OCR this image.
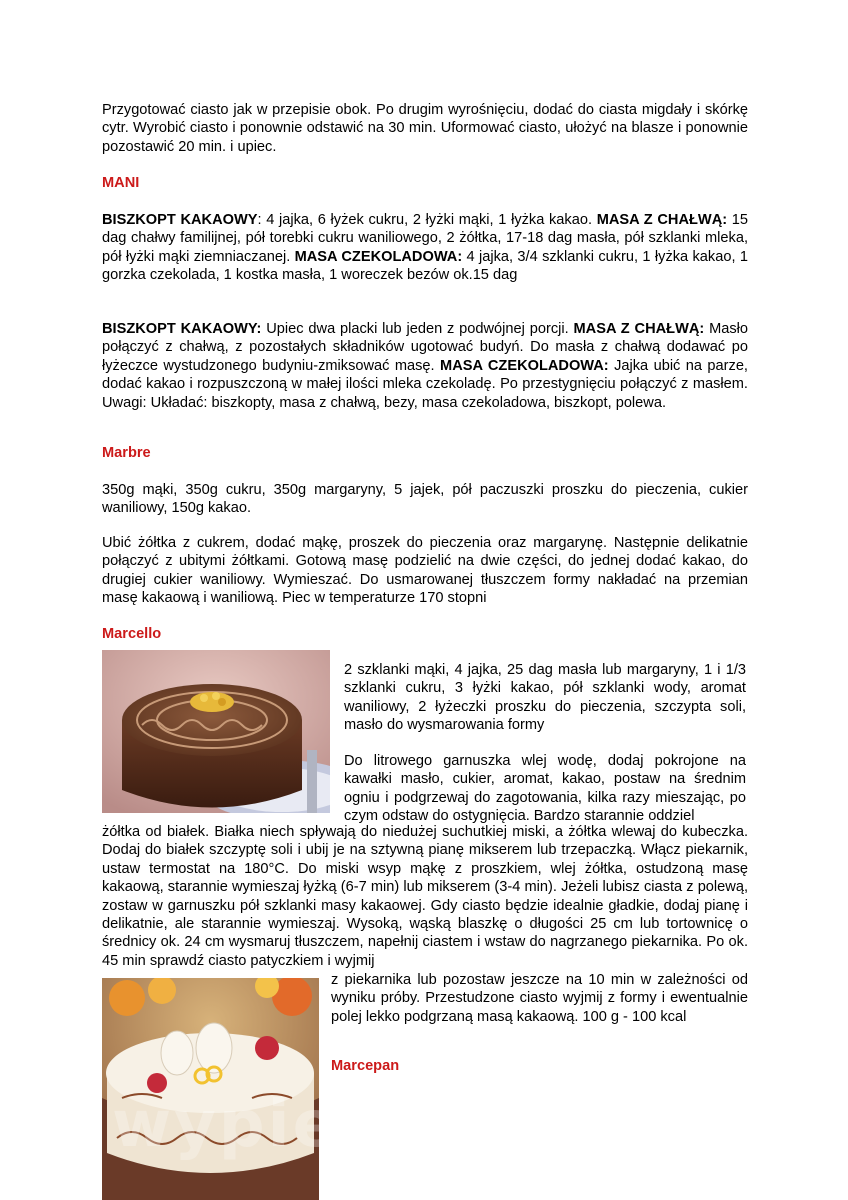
Przygotować ciasto jak w przepisie obok. Po drugim wyrośnięciu, dodać do ciasta migdały i skórkę cytr. Wyrobić ciasto i ponownie odstawić na 30 min. Uformować ciasto, ułożyć na blasze i ponownie pozostawić 20 min. i upiec.

MANI

BISZKOPT KAKAOWY: 4 jajka, 6 łyżek cukru, 2 łyżki mąki, 1 łyżka kakao. MASA Z CHAŁWĄ: 15 dag chałwy familijnej, pół torebki cukru waniliowego, 2 żółtka, 17-18 dag masła, pół szklanki mleka, pół łyżki mąki ziemniaczanej. MASA CZEKOLADOWA: 4 jajka, 3/4 szklanki cukru, 1 łyżka kakao, 1 gorzka czekolada, 1 kostka masła, 1 woreczek bezów ok.15 dag

BISZKOPT KAKAOWY: Upiec dwa placki lub jeden z podwójnej porcji. MASA Z CHAŁWĄ: Masło połączyć z chałwą, z pozostałych składników ugotować budyń. Do masła z chałwą dodawać po łyżeczce wystudzonego budyniu-zmiksować masę. MASA CZEKOLADOWA: Jajka ubić na parze, dodać kakao i rozpuszczoną w małej ilości mleka czekoladę. Po przestygnięciu połączyć z masłem. Uwagi: Układać: biszkopty, masa z chałwą, bezy, masa czekoladowa, biszkopt, polewa.

Marbre

350g mąki, 350g cukru, 350g margaryny, 5 jajek, pół paczuszki proszku do pieczenia, cukier waniliowy, 150g kakao.

Ubić żółtka z cukrem, dodać mąkę, proszek do pieczenia oraz margarynę. Następnie delikatnie połączyć z ubitymi żółtkami. Gotową masę podzielić na dwie części, do jednej dodać kakao, do drugiej cukier waniliowy. Wymieszać. Do usmarowanej tłuszczem formy nakładać na przemian masę kakaową i waniliową. Piec w temperaturze 170 stopni

Marcello

2 szklanki mąki, 4 jajka, 25 dag masła lub margaryny, 1 i 1/3 szklanki cukru, 3 łyżki kakao, pół szklanki wody, aromat waniliowy, 2 łyżeczki proszku do pieczenia, szczypta soli, masło do wysmarowania formy

Do litrowego garnuszka wlej wodę, dodaj pokrojone na kawałki masło, cukier, aromat, kakao, postaw na średnim ogniu i podgrzewaj do zagotowania, kilka razy mieszając, po czym odstaw do ostygnięcia. Bardzo starannie oddziel

żółtka od białek. Białka niech spływają do niedużej suchutkiej miski, a żółtka wlewaj do kubeczka. Dodaj do białek szczyptę soli i ubij je na sztywną pianę mikserem lub trzepaczką. Włącz piekarnik, ustaw termostat na 180°C. Do miski wsyp mąkę z proszkiem, wlej żółtka, ostudzoną masę kakaową, starannie wymieszaj łyżką (6-7 min) lub mikserem (3-4 min). Jeżeli lubisz ciasta z polewą, zostaw w garnuszku pół szklanki masy kakaowej. Gdy ciasto będzie idealnie gładkie, dodaj pianę i delikatnie, ale starannie wymieszaj. Wysoką, wąską blaszkę o długości 25 cm lub tortownicę o średnicy ok. 24 cm wysmaruj tłuszczem, napełnij ciastem i wstaw do nagrzanego piekarnika. Po ok. 45 min sprawdź ciasto patyczkiem i wyjmij

z piekarnika lub pozostaw jeszcze na 10 min w zależności od wyniku próby. Przestudzone ciasto wyjmij z formy i ewentualnie polej lekko podgrzaną masą kakaową. 100 g - 100 kcal

Marcepan

wypiekidomowe.pl
